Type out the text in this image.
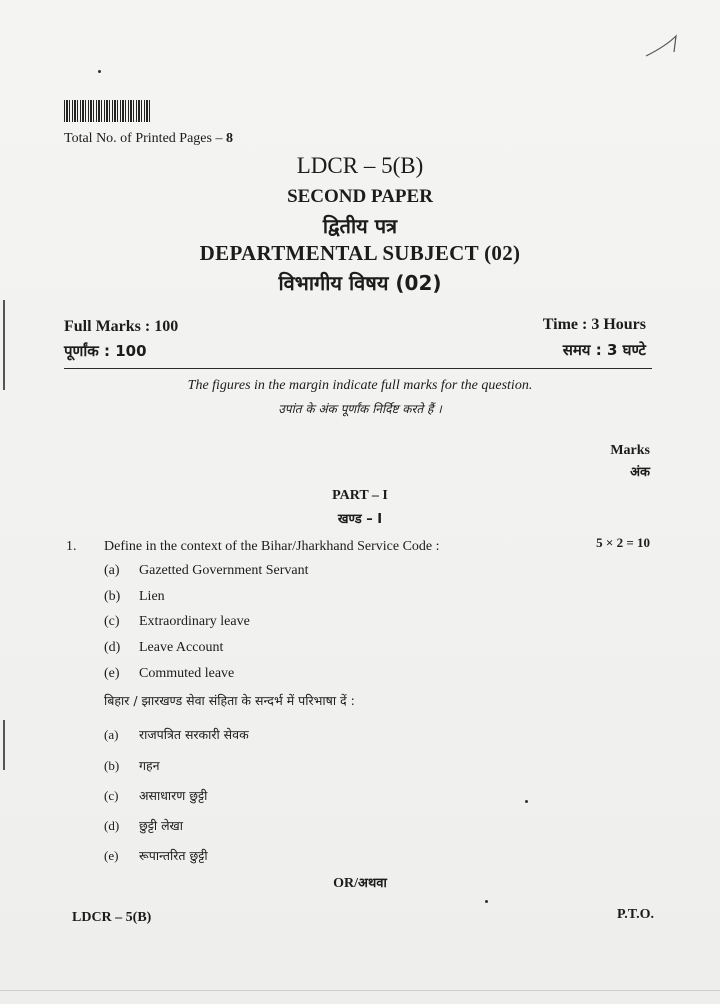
Total No. of Printed Pages – 8
LDCR – 5(B)
SECOND PAPER
द्वितीय पत्र
DEPARTMENTAL SUBJECT (02)
विभागीय विषय (02)
Full Marks : 100
पूर्णांक : 100
Time : 3 Hours
समय : 3 घण्टे
The figures in the margin indicate full marks for the question.
उपांत के अंक पूर्णांक निर्दिष्ट करते हैं ।
Marks
अंक
PART – I
खण्ड – I
1. Define in the context of the Bihar/Jharkhand Service Code :	5 × 2 = 10
(a) Gazetted Government Servant
(b) Lien
(c) Extraordinary leave
(d) Leave Account
(e) Commuted leave
बिहार / झारखण्ड सेवा संहिता के सन्दर्भ में परिभाषा दें :
(a) राजपत्रित सरकारी सेवक
(b) गहन
(c) असाधारण छुट्टी
(d) छुट्टी लेखा
(e) रूपान्तरित छुट्टी
OR/अथवा
LDCR – 5(B)	P.T.O.
